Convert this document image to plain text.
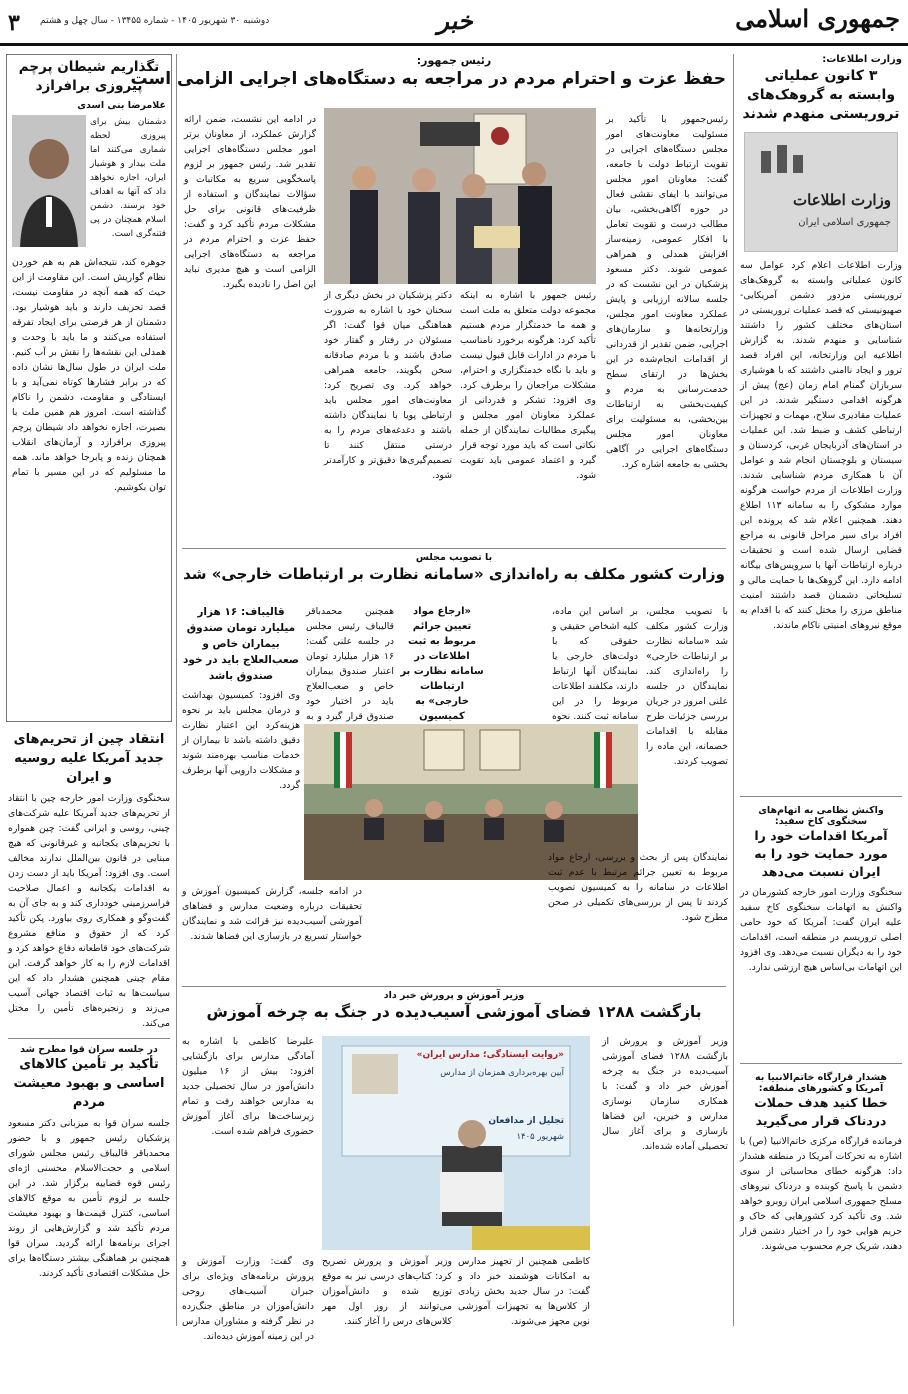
جمهوری اسلامی
خبر
دوشنبه ۳۰ شهریور ۱۴۰۵ - شماره ۱۳۴۵۵ - سال چهل و هشتم
۳
وزارت اطلاعات:
۳ کانون عملیاتی وابسته به گروهک‌های تروریستی منهدم شدند
وزارت اطلاعات
جمهوری اسلامی ایران
وزارت اطلاعات اعلام کرد عوامل سه کانون عملیاتی وابسته به گروهک‌های تروریستی مزدور دشمن آمریکایی-صهیونیستی که قصد عملیات تروریستی در استان‌های مختلف کشور را داشتند شناسایی و منهدم شدند. به گزارش اطلاعیه این وزارتخانه، این افراد قصد ترور و ایجاد ناامنی داشتند که با هوشیاری سربازان گمنام امام زمان (عج) پیش از هرگونه اقدامی دستگیر شدند. در این عملیات مقادیری سلاح، مهمات و تجهیزات ارتباطی کشف و ضبط شد. این عملیات در استان‌های آذربایجان غربی، کردستان و سیستان و بلوچستان انجام شد و عوامل آن با همکاری مردم شناسایی شدند. وزارت اطلاعات از مردم خواست هرگونه موارد مشکوک را به سامانه ۱۱۳ اطلاع دهند. همچنین اعلام شد که پرونده این افراد برای سیر مراحل قانونی به مراجع قضایی ارسال شده است و تحقیقات درباره ارتباطات آنها با سرویس‌های بیگانه ادامه دارد. این گروهک‌ها با حمایت مالی و تسلیحاتی دشمنان قصد داشتند امنیت مناطق مرزی را مختل کنند که با اقدام به موقع نیروهای امنیتی ناکام ماندند.
واکنش نظامی به اتهام‌های سخنگوی کاخ سفید:
آمریکا اقدامات خود را مورد حمایت خود را به ایران نسبت می‌دهد
سخنگوی وزارت امور خارجه کشورمان در واکنش به اتهامات سخنگوی کاخ سفید علیه ایران گفت: آمریکا که خود حامی اصلی تروریسم در منطقه است، اقدامات خود را به دیگران نسبت می‌دهد. وی افزود این اتهامات بی‌اساس هیچ ارزشی ندارد.
هشدار قرارگاه خاتم‌الانبیا به آمریکا و کشورهای منطقه:
خطا کنید هدف حملات دردناک قرار می‌گیرید
فرمانده قرارگاه مرکزی خاتم‌الانبیا (ص) با اشاره به تحرکات آمریکا در منطقه هشدار داد: هرگونه خطای محاسباتی از سوی دشمن با پاسخ کوبنده و دردناک نیروهای مسلح جمهوری اسلامی ایران روبرو خواهد شد. وی تأکید کرد کشورهایی که خاک و حریم هوایی خود را در اختیار دشمن قرار دهند، شریک جرم محسوب می‌شوند.
تگذاریم شیطان پرچم پیروزی برافرازد
غلامرضا بنی اسدی
دشمنان بیش برای پیروزی لحظه شماری می‌کنند اما ملت بیدار و هوشیار ایران، اجازه نخواهد داد که آنها به اهداف خود برسند. دشمن اسلام همچنان در پی فتنه‌گری است.
جوهره کند، نتیجه‌اش هم به هم خوردن نظام گواریش است. این مقاومت از این حیث که همه آنچه در مقاومت نیست، قصد تحریف دارند و باید هوشیار بود. دشمنان از هر فرصتی برای ایجاد تفرقه استفاده می‌کنند و ما باید با وحدت و همدلی این نقشه‌ها را نقش بر آب کنیم. ملت ایران در طول سال‌ها نشان داده که در برابر فشارها کوتاه نمی‌آید و با ایستادگی و مقاومت، دشمن را ناکام گذاشته است. امروز هم همین ملت با بصیرت، اجازه نخواهد داد شیطان پرچم پیروزی برافرازد و آرمان‌های انقلاب همچنان زنده و پابرجا خواهد ماند. همه ما مسئولیم که در این مسیر با تمام توان بکوشیم.
انتقاد چین از تحریم‌های جدید آمریکا علیه روسیه و ایران
سخنگوی وزارت امور خارجه چین با انتقاد از تحریم‌های جدید آمریکا علیه شرکت‌های چینی، روسی و ایرانی گفت: چین همواره با تحریم‌های یکجانبه و غیرقانونی که هیچ مبنایی در قانون بین‌الملل ندارند مخالف است. وی افزود: آمریکا باید از دست زدن به اقدامات یکجانبه و اعمال صلاحیت فراسرزمینی خودداری کند و به جای آن به گفت‌وگو و همکاری روی بیاورد. پکن تأکید کرد که از حقوق و منافع مشروع شرکت‌های خود قاطعانه دفاع خواهد کرد و اقدامات لازم را به کار خواهد گرفت. این مقام چینی همچنین هشدار داد که این سیاست‌ها به ثبات اقتصاد جهانی آسیب می‌زند و زنجیره‌های تأمین را مختل می‌کند.
در جلسه سران قوا مطرح شد
تأکید بر تأمین کالاهای اساسی و بهبود معیشت مردم
جلسه سران قوا به میزبانی دکتر مسعود پزشکیان رئیس جمهور و با حضور محمدباقر قالیباف رئیس مجلس شورای اسلامی و حجت‌الاسلام محسنی اژه‌ای رئیس قوه قضاییه برگزار شد. در این جلسه بر لزوم تأمین به موقع کالاهای اساسی، کنترل قیمت‌ها و بهبود معیشت مردم تأکید شد و گزارش‌هایی از روند اجرای برنامه‌ها ارائه گردید. سران قوا همچنین بر هماهنگی بیشتر دستگاه‌ها برای حل مشکلات اقتصادی تأکید کردند.
رئیس جمهور:
حفظ عزت و احترام مردم در مراجعه به دستگاه‌های اجرایی الزامی است
رئیس‌جمهور با تأکید بر مسئولیت معاونت‌های امور مجلس دستگاه‌های اجرایی در تقویت ارتباط دولت با جامعه، گفت: معاونان امور مجلس می‌توانند با ایفای نقشی فعال در حوزه آگاهی‌بخشی، بیان مطالب درست و تقویت تعامل با افکار عمومی، زمینه‌ساز افزایش همدلی و همراهی عمومی شوند. دکتر مسعود پزشکیان در این نشست که در جلسه سالانه ارزیابی و پایش عملکرد معاونت امور مجلس، وزارتخانه‌ها و سازمان‌های اجرایی، ضمن تقدیر از قدردانی از اقدامات انجام‌شده در این بخش‌ها در ارتقای سطح خدمت‌رسانی به مردم و کیفیت‌بخشی به ارتباطات بین‌بخشی، به مسئولیت برای معاونان امور مجلس دستگاه‌های اجرایی در آگاهی بخشی به جامعه اشاره کرد.
رئیس جمهور با اشاره به اینکه مجموعه دولت متعلق به ملت است و همه ما خدمتگزار مردم هستیم تأکید کرد: هرگونه برخورد نامناسب با مردم در ادارات قابل قبول نیست و باید با نگاه خدمتگزاری و احترام، مشکلات مراجعان را برطرف کرد. وی افزود: تشکر و قدردانی از عملکرد معاونان امور مجلس و پیگیری مطالبات نمایندگان از جمله نکاتی است که باید مورد توجه قرار گیرد و اعتماد عمومی باید تقویت شود.
دکتر پزشکیان در بخش دیگری از سخنان خود با اشاره به ضرورت هماهنگی میان قوا گفت: اگر مسئولان در رفتار و گفتار خود صادق باشند و با مردم صادقانه سخن بگویند، جامعه همراهی خواهد کرد. وی تصریح کرد: معاونت‌های امور مجلس باید ارتباطی پویا با نمایندگان داشته باشند و دغدغه‌های مردم را به درستی منتقل کنند تا تصمیم‌گیری‌ها دقیق‌تر و کارآمدتر شود.
در ادامه این نشست، ضمن ارائه گزارش عملکرد، از معاونان برتر امور مجلس دستگاه‌های اجرایی تقدیر شد. رئیس جمهور بر لزوم پاسخگویی سریع به مکاتبات و سؤالات نمایندگان و استفاده از ظرفیت‌های قانونی برای حل مشکلات مردم تأکید کرد و گفت: حفظ عزت و احترام مردم در مراجعه به دستگاه‌های اجرایی الزامی است و هیچ مدیری نباید این اصل را نادیده بگیرد.
با تصویب مجلس
وزارت کشور مکلف به راه‌اندازی «سامانه نظارت بر ارتباطات خارجی» شد
با تصویب مجلس، وزارت کشور مکلف شد «سامانه نظارت بر ارتباطات خارجی» را راه‌اندازی کند. نمایندگان در جلسه علنی امروز در جریان بررسی جزئیات طرح مقابله با اقدامات خصمانه، این ماده را تصویب کردند.
بر اساس این ماده، کلیه اشخاص حقیقی و حقوقی که با دولت‌های خارجی یا نمایندگان آنها ارتباط دارند، مکلفند اطلاعات مربوط را در این سامانه ثبت کنند. نحوه
«ارجاع مواد تعیین جرائم مربوط به ثبت اطلاعات در سامانه نظارت بر ارتباطات خارجی» به کمیسیون
همچنین محمدباقر قالیباف رئیس مجلس در جلسه علنی گفت: ۱۶ هزار میلیارد تومان اعتبار صندوق بیماران خاص و صعب‌العلاج باید در اختیار خود صندوق قرار گیرد و به
قالیباف: ۱۶ هزار میلیارد تومان صندوق بیماران خاص و صعب‌العلاج باید در خود صندوق باشد
وی افزود: کمیسیون بهداشت و درمان مجلس باید بر نحوه هزینه‌کرد این اعتبار نظارت دقیق داشته باشد تا بیماران از خدمات مناسب بهره‌مند شوند و مشکلات دارویی آنها برطرف گردد.
نمایندگان پس از بحث و بررسی، ارجاع مواد مربوط به تعیین جرائم مرتبط با عدم ثبت اطلاعات در سامانه را به کمیسیون تصویب کردند تا پس از بررسی‌های تکمیلی در صحن مطرح شود.
در ادامه جلسه، گزارش کمیسیون آموزش و تحقیقات درباره وضعیت مدارس و فضاهای آموزشی آسیب‌دیده نیز قرائت شد و نمایندگان خواستار تسریع در بازسازی این فضاها شدند.
وزیر آموزش و پرورش خبر داد
بازگشت ۱۲۸۸ فضای آموزشی آسیب‌دیده در جنگ به چرخه آموزش
وزیر آموزش و پرورش از بازگشت ۱۲۸۸ فضای آموزشی آسیب‌دیده در جنگ به چرخه آموزش خبر داد و گفت: با همکاری سازمان نوسازی مدارس و خیرین، این فضاها بازسازی و برای آغاز سال تحصیلی آماده شده‌اند.
«روایت ایستادگی؛ مدارس ایران»
آیین بهره‌برداری همزمان از مدارس
تجلیل از مدافعان
شهریور ۱۴۰۵
علیرضا کاظمی با اشاره به آمادگی مدارس برای بازگشایی افزود: بیش از ۱۶ میلیون دانش‌آموز در سال تحصیلی جدید به مدارس خواهند رفت و تمام زیرساخت‌ها برای آغاز آموزش حضوری فراهم شده است.
وی گفت: وزارت آموزش و پرورش برنامه‌های ویژه‌ای برای جبران آسیب‌های روحی دانش‌آموزان در مناطق جنگ‌زده در نظر گرفته و مشاوران مدارس در این زمینه آموزش دیده‌اند.
وزیر آموزش و پرورش تصریح کرد: کتاب‌های درسی نیز به موقع توزیع شده و دانش‌آموزان می‌توانند از روز اول مهر کلاس‌های درس را آغاز کنند.
کاظمی همچنین از تجهیز مدارس به امکانات هوشمند خبر داد و گفت: در سال جدید بخش زیادی از کلاس‌ها به تجهیزات آموزشی نوین مجهز می‌شوند.
